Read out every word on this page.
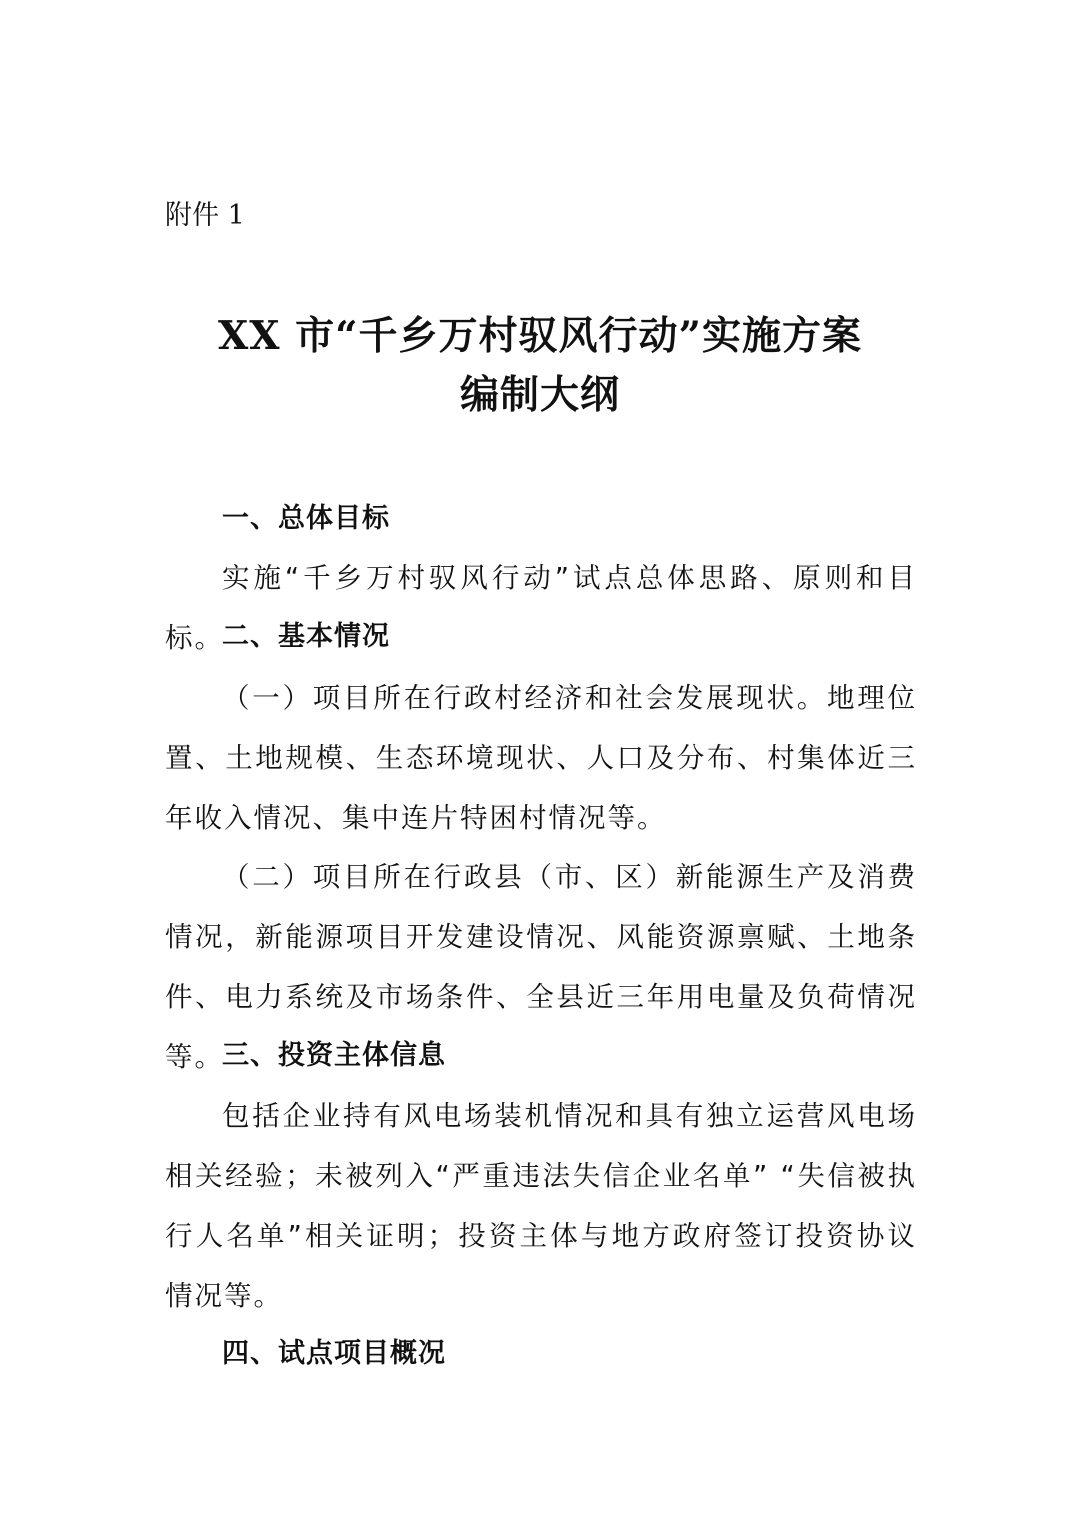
附件 1

XX 市“千乡万村驭风行动”实施方案
编制大纲
一、总体目标

实施“千乡万村驭风行动”试点总体思路、原则和目标。

二、基本情况

（一）项目所在行政村经济和社会发展现状。地理位置、土地规模、生态环境现状、人口及分布、村集体近三年收入情况、集中连片特困村情况等。

（二）项目所在行政县（市、区）新能源生产及消费情况，新能源项目开发建设情况、风能资源禀赋、土地条件、电力系统及市场条件、全县近三年用电量及负荷情况等。

三、投资主体信息

包括企业持有风电场装机情况和具有独立运营风电场相关经验；未被列入“严重违法失信企业名单” “失信被执行人名单”相关证明；投资主体与地方政府签订投资协议情况等。

四、试点项目概况
